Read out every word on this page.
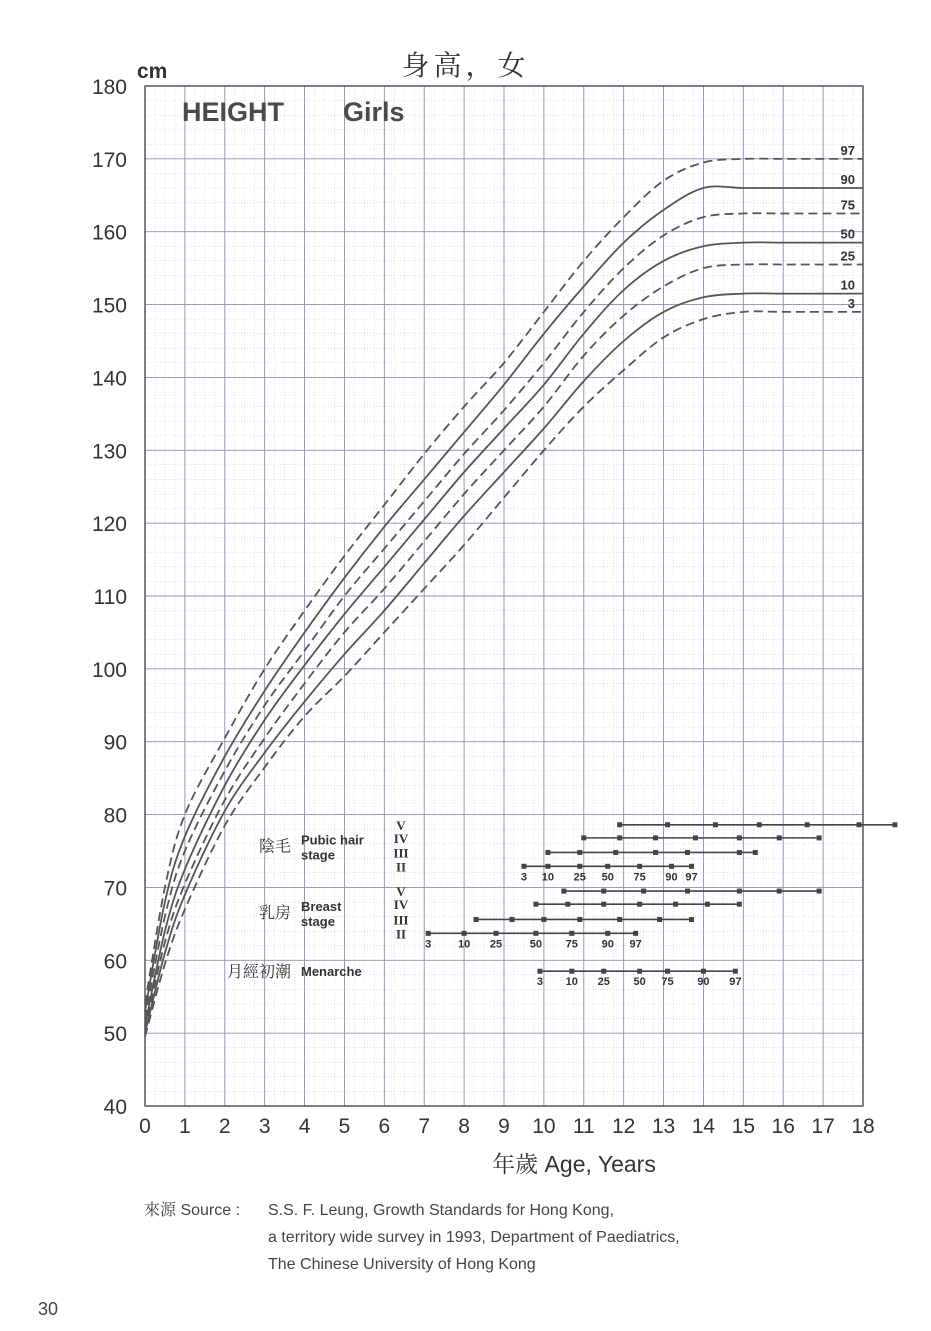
身高，女
40
50
60
70
80
90
100
110
120
130
140
150
160
170
180
0 1 2 3 4 5 6 7 8 9 10 11 12 13 14 15 16 17 18
cm
HEIGHT  Girls
97
90
75
50
25
10
3
陰毛 Pubic hair
stage
V
IV
III
II
3 10 25 50 75 90 97
乳房 Breast
stage
V
IV
III
II
3 10 25	50 75 90 97
月經初潮 Menarche
3 10 25 50 75 90 97
年歲 Age, Years
來源 Source : S.S. F. Leung, Growth Standards for Hong Kong,
a territory wide survey in 1993, Department of Paediatrics,
The Chinese University of Hong Kong
30
